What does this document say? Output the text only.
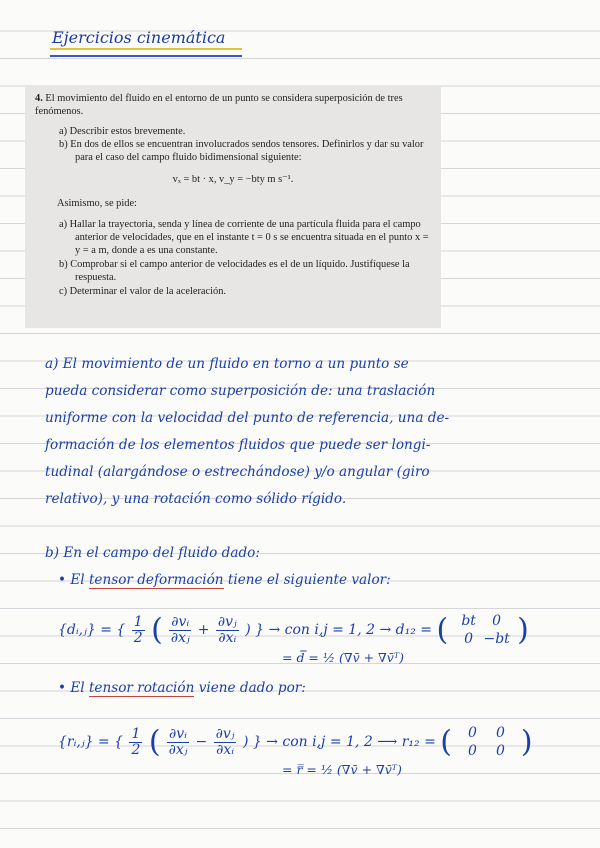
Ejercicios cinemática

4. El movimiento del fluido en el entorno de un punto se considera superposición de tres fenómenos.

a) Describir estos brevemente.

b) En dos de ellos se encuentran involucrados sendos tensores. Definirlos y dar su valor para el caso del campo fluido bidimensional siguiente:

vₓ = bt · x, v_y = −bty m s⁻¹.

Asimismo, se pide:

a) Hallar la trayectoria, senda y línea de corriente de una partícula fluida para el campo anterior de velocidades, que en el instante t = 0 s se encuentra situada en el punto x = y = a m, donde a es una constante.

b) Comprobar si el campo anterior de velocidades es el de un líquido. Justifíquese la respuesta.

c) Determinar el valor de la aceleración.

a) El movimiento de un fluido en torno a un punto se
pueda considerar como superposición de: una traslación
uniforme con la velocidad del punto de referencia, una de-
formación de los elementos fluidos que puede ser longi-
tudinal (alargándose o estrechándose) y/o angular (giro
relativo), y una rotación como sólido rígido.
b) En el campo del fluido dado:
• El tensor deformación tiene el siguiente valor:
{dᵢ,ⱼ} = { $\frac{1}{2}$ ( $\frac{\text{∂vᵢ}}{\text{∂xⱼ}} + \frac{\text{∂vⱼ}}{\text{∂xᵢ}}$ ) } → con i,j = 1, 2 → d₁₂ = ( bt 0
0 −bt )
= d̿ = ½ (∇v̄ + ∇v̄ᵀ)
• El tensor rotación viene dado por:
{rᵢ,ⱼ} = { $\frac{1}{2}$ ( $\frac{\text{∂vᵢ}}{\text{∂xⱼ}} - \frac{\text{∂vⱼ}}{\text{∂xᵢ}}$ ) } → con i,j = 1, 2 ⟶ r₁₂ = (	0 0
0 0 )
= r̿ = ½ (∇v̄ + ∇v̄ᵀ)
